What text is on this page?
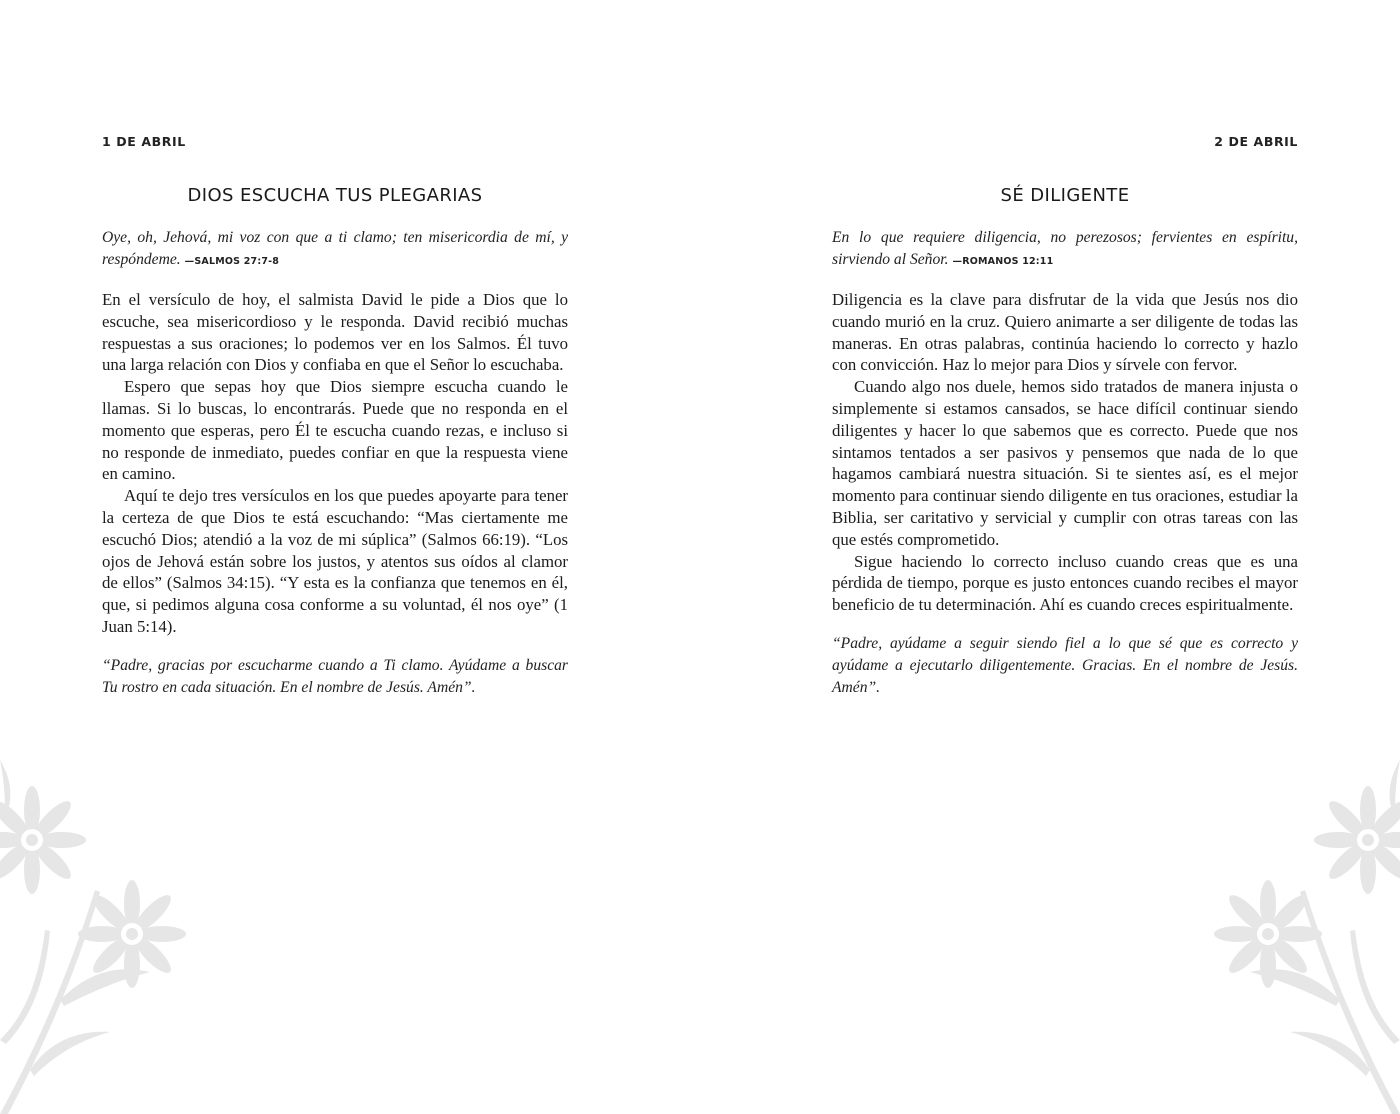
1 DE ABRIL
DIOS ESCUCHA TUS PLEGARIAS

Oye, oh, Jehová, mi voz con que a ti clamo; ten misericordia de mí, y respóndeme. —SALMOS 27:7-8

En el versículo de hoy, el salmista David le pide a Dios que lo escuche, sea misericordioso y le responda. David recibió muchas respuestas a sus oraciones; lo podemos ver en los Salmos. Él tuvo una larga relación con Dios y confiaba en que el Señor lo escuchaba.

Espero que sepas hoy que Dios siempre escucha cuando le llamas. Si lo buscas, lo encontrarás. Puede que no responda en el momento que esperas, pero Él te escucha cuando rezas, e incluso si no responde de inmediato, puedes confiar en que la respuesta viene en camino.

Aquí te dejo tres versículos en los que puedes apoyarte para tener la certeza de que Dios te está escuchando: “Mas ciertamente me escuchó Dios; atendió a la voz de mi súplica” (Salmos 66:19). “Los ojos de Jehová están sobre los justos, y atentos sus oídos al clamor de ellos” (Salmos 34:15). “Y esta es la confianza que tenemos en él, que, si pedimos alguna cosa conforme a su voluntad, él nos oye” (1 Juan 5:14).

“Padre, gracias por escucharme cuando a Ti clamo. Ayúdame a buscar Tu rostro en cada situación. En el nombre de Jesús. Amén”.

2 DE ABRIL
SÉ DILIGENTE

En lo que requiere diligencia, no perezosos; fervientes en espíritu, sirviendo al Señor. —ROMANOS 12:11

Diligencia es la clave para disfrutar de la vida que Jesús nos dio cuando murió en la cruz. Quiero animarte a ser diligente de todas las maneras. En otras palabras, continúa haciendo lo correcto y hazlo con convicción. Haz lo mejor para Dios y sírvele con fervor.

Cuando algo nos duele, hemos sido tratados de manera injusta o simplemente si estamos cansados, se hace difícil continuar siendo diligentes y hacer lo que sabemos que es correcto. Puede que nos sintamos tentados a ser pasivos y pensemos que nada de lo que hagamos cambiará nuestra situación. Si te sientes así, es el mejor momento para continuar siendo diligente en tus oraciones, estudiar la Biblia, ser caritativo y servicial y cumplir con otras tareas con las que estés comprometido.

Sigue haciendo lo correcto incluso cuando creas que es una pérdida de tiempo, porque es justo entonces cuando recibes el mayor beneficio de tu determinación. Ahí es cuando creces espiritualmente.

“Padre, ayúdame a seguir siendo fiel a lo que sé que es correcto y ayúdame a ejecutarlo diligentemente. Gracias. En el nombre de Jesús. Amén”.
